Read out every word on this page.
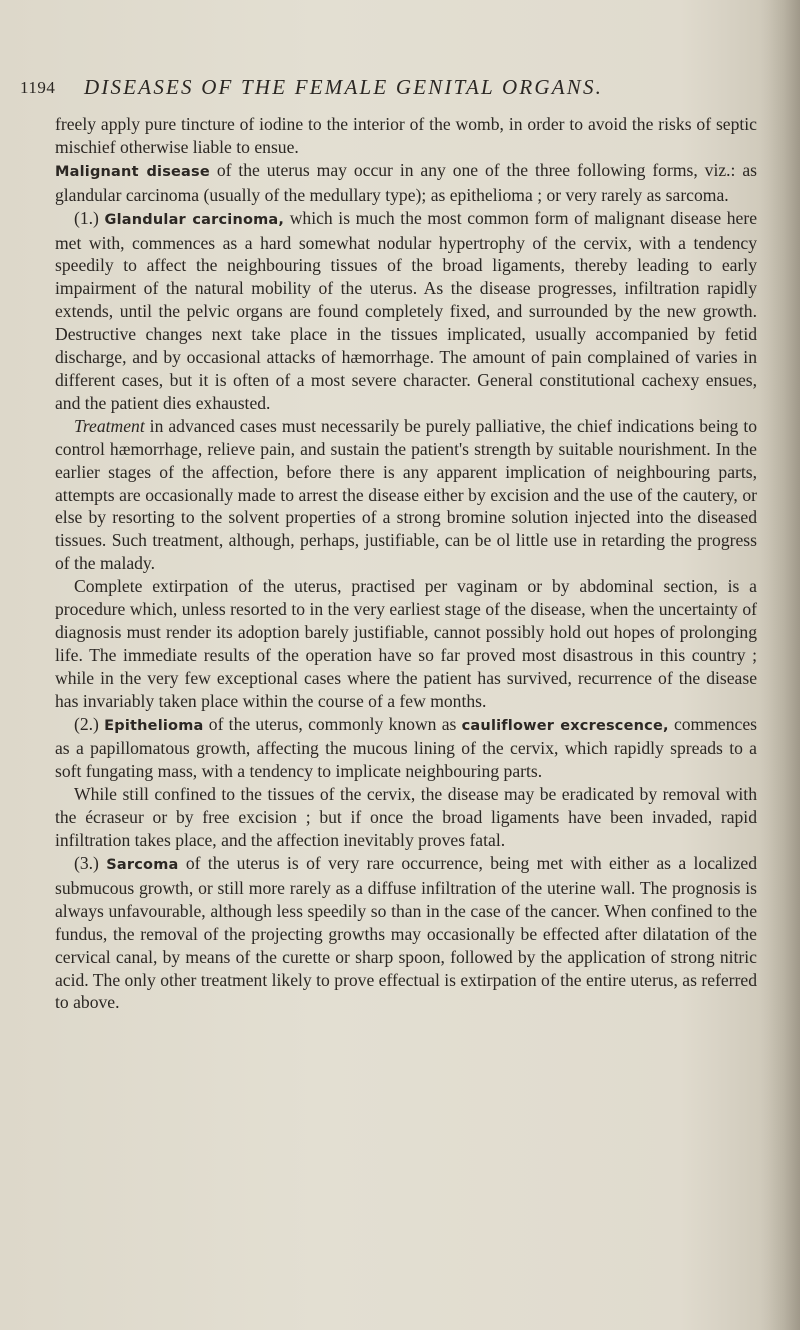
1194 DISEASES OF THE FEMALE GENITAL ORGANS.

freely apply pure tincture of iodine to the interior of the womb, in order to avoid the risks of septic mischief otherwise liable to ensue.

Malignant disease of the uterus may occur in any one of the three following forms, viz.: as glandular carcinoma (usually of the medullary type); as epithelioma ; or very rarely as sarcoma.

(1.) Glandular carcinoma, which is much the most common form of malignant disease here met with, commences as a hard somewhat nodular hypertrophy of the cervix, with a tendency speedily to affect the neighbouring tissues of the broad ligaments, thereby leading to early impairment of the natural mobility of the uterus. As the disease progresses, infiltration rapidly extends, until the pelvic organs are found completely fixed, and surrounded by the new growth. Destructive changes next take place in the tissues implicated, usually accompanied by fetid discharge, and by occasional attacks of hæmorrhage. The amount of pain complained of varies in different cases, but it is often of a most severe character. General constitutional cachexy ensues, and the patient dies exhausted.

Treatment in advanced cases must necessarily be purely palliative, the chief indications being to control hæmorrhage, relieve pain, and sustain the patient's strength by suitable nourishment. In the earlier stages of the affection, before there is any apparent implication of neighbouring parts, attempts are occasionally made to arrest the disease either by excision and the use of the cautery, or else by resorting to the solvent properties of a strong bromine solution injected into the diseased tissues. Such treatment, although, perhaps, justifiable, can be ol little use in retarding the progress of the malady.

Complete extirpation of the uterus, practised per vaginam or by abdominal section, is a procedure which, unless resorted to in the very earliest stage of the disease, when the uncertainty of diagnosis must render its adoption barely justifiable, cannot possibly hold out hopes of prolonging life. The immediate results of the operation have so far proved most disastrous in this country ; while in the very few exceptional cases where the patient has survived, recurrence of the disease has invariably taken place within the course of a few months.

(2.) Epithelioma of the uterus, commonly known as cauliflower excrescence, commences as a papillomatous growth, affecting the mucous lining of the cervix, which rapidly spreads to a soft fungating mass, with a tendency to implicate neighbouring parts.

While still confined to the tissues of the cervix, the disease may be eradicated by removal with the écraseur or by free excision ; but if once the broad ligaments have been invaded, rapid infiltration takes place, and the affection inevitably proves fatal.

(3.) Sarcoma of the uterus is of very rare occurrence, being met with either as a localized submucous growth, or still more rarely as a diffuse infiltration of the uterine wall. The prognosis is always unfavourable, although less speedily so than in the case of the cancer. When confined to the fundus, the removal of the projecting growths may occasionally be effected after dilatation of the cervical canal, by means of the curette or sharp spoon, followed by the application of strong nitric acid. The only other treatment likely to prove effectual is extirpation of the entire uterus, as referred to above.
